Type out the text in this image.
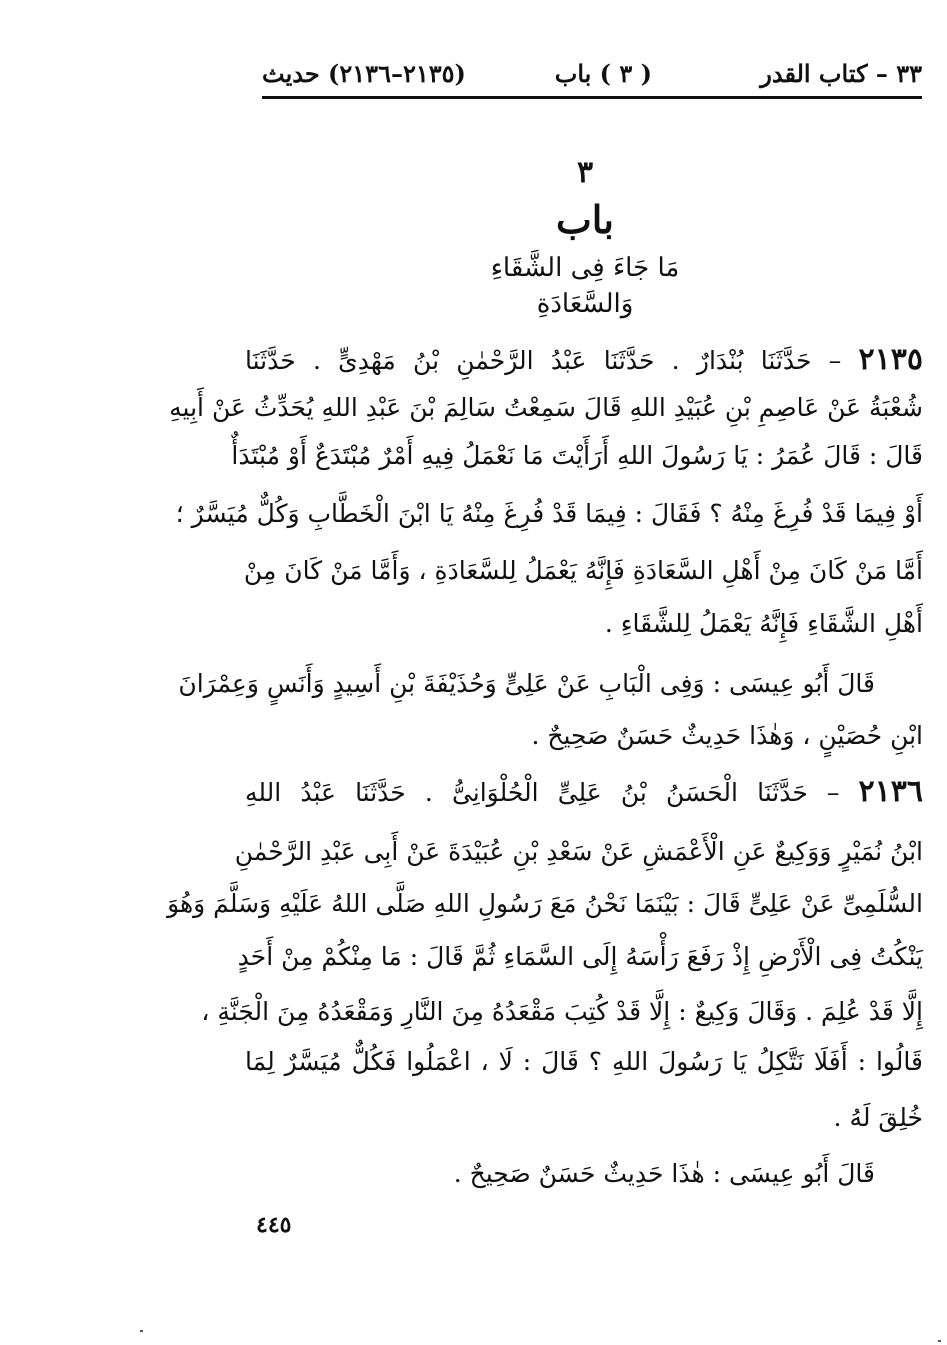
٣٣ – كتاب القدر
( ٣ ) باب
(٢١٣٥–٢١٣٦) حديث
٣
باب
مَا جَاءَ فِى الشَّقَاءِ وَالسَّعَادَةِ
٢١٣٥ – حَدَّثَنَا بُنْدَارٌ . حَدَّثَنَا عَبْدُ الرَّحْمٰنِ بْنُ مَهْدِىٍّ . حَدَّثَنَا
شُعْبَةُ عَنْ عَاصِمِ بْنِ عُبَيْدِ اللهِ قَالَ سَمِعْتُ سَالِمَ بْنَ عَبْدِ اللهِ يُحَدِّثُ عَنْ أَبِيهِ
قَالَ : قَالَ عُمَرُ : يَا رَسُولَ اللهِ أَرَأَيْتَ مَا نَعْمَلُ فِيهِ أَمْرٌ مُبْتَدَعٌ أَوْ مُبْتَدَأٌ
أَوْ فِيمَا قَدْ فُرِغَ مِنْهُ ؟ فَقَالَ : فِيمَا قَدْ فُرِغَ مِنْهُ يَا ابْنَ الْخَطَّابِ وَكُلٌّ مُيَسَّرٌ ؛
أَمَّا مَنْ كَانَ مِنْ أَهْلِ السَّعَادَةِ فَإِنَّهُ يَعْمَلُ لِلسَّعَادَةِ ، وَأَمَّا مَنْ كَانَ مِنْ
أَهْلِ الشَّقَاءِ فَإِنَّهُ يَعْمَلُ لِلشَّقَاءِ .
قَالَ أَبُو عِيسَى : وَفِى الْبَابِ عَنْ عَلِىٍّ وَحُذَيْفَةَ بْنِ أَسِيدٍ وَأَنَسٍ وَعِمْرَانَ
ابْنِ حُصَيْنٍ ، وَهٰذَا حَدِيثٌ حَسَنٌ صَحِيحٌ .
٢١٣٦ – حَدَّثَنَا الْحَسَنُ بْنُ عَلِىٍّ الْحُلْوَانِىُّ . حَدَّثَنَا عَبْدُ اللهِ
ابْنُ نُمَيْرٍ وَوَكِيعٌ عَنِ الْأَعْمَشِ عَنْ سَعْدِ بْنِ عُبَيْدَةَ عَنْ أَبِى عَبْدِ الرَّحْمٰنِ
السُّلَمِىِّ عَنْ عَلِىٍّ قَالَ : بَيْنَمَا نَحْنُ مَعَ رَسُولِ اللهِ صَلَّى اللهُ عَلَيْهِ وَسَلَّمَ وَهُوَ
يَنْكُتُ فِى الْأَرْضِ إِذْ رَفَعَ رَأْسَهُ إِلَى السَّمَاءِ ثُمَّ قَالَ : مَا مِنْكُمْ مِنْ أَحَدٍ
إِلَّا قَدْ عُلِمَ . وَقَالَ وَكِيعٌ : إِلَّا قَدْ كُتِبَ مَقْعَدُهُ مِنَ النَّارِ وَمَقْعَدُهُ مِنَ الْجَنَّةِ ،
قَالُوا : أَفَلَا نَتَّكِلُ يَا رَسُولَ اللهِ ؟ قَالَ : لَا ، اعْمَلُوا فَكُلٌّ مُيَسَّرٌ لِمَا
خُلِقَ لَهُ .
قَالَ أَبُو عِيسَى : هٰذَا حَدِيثٌ حَسَنٌ صَحِيحٌ .
٤٤٥
